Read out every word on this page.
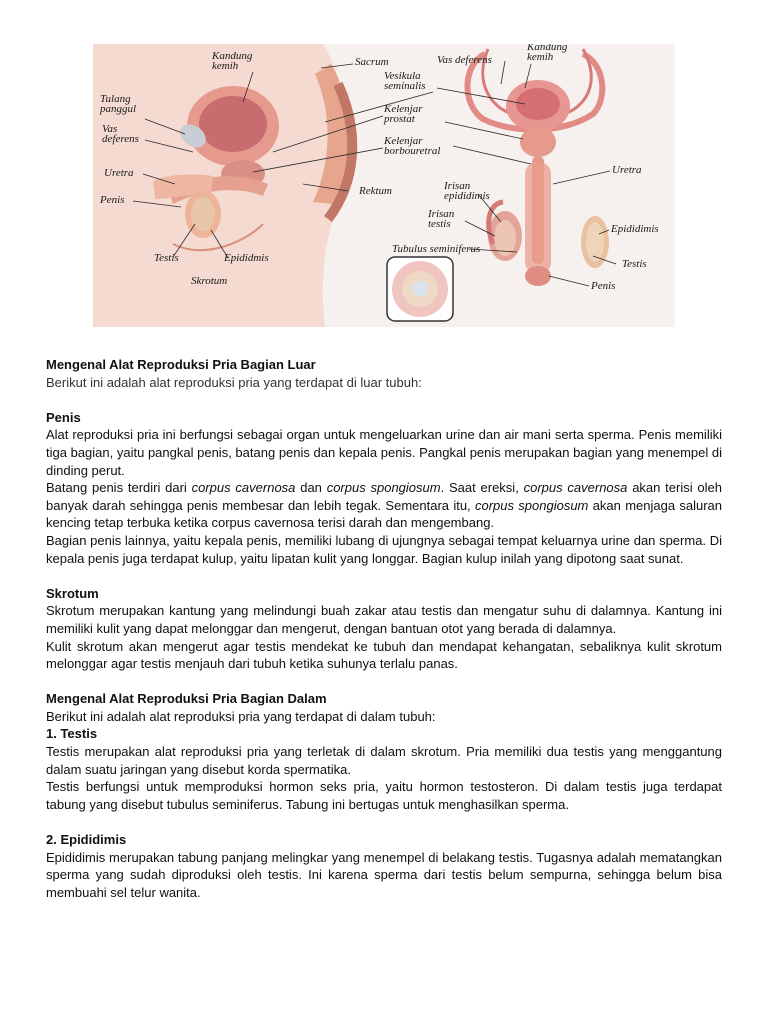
Kandung
kemih	Sacrum	Vas deferens
Kandung
kemih
Vesikula
seminalis
Tulang
panggul	Kelenjar
prostat
Vas
deferens	Kelenjar
borbouretral
Uretra	Uretra
Rektum	Irisan
epididimis
Penis
Irisan
testis	Epididimis
Tubulus seminiferus
Testis	Epididmis	Testis
Skrotum	Penis
Mengenal Alat Reproduksi Pria Bagian Luar

Berikut ini adalah alat reproduksi pria yang terdapat di luar tubuh:

Penis

Alat reproduksi pria ini berfungsi sebagai organ untuk mengeluarkan urine dan air mani serta sperma. Penis memiliki tiga bagian, yaitu pangkal penis, batang penis dan kepala penis. Pangkal penis merupakan bagian yang menempel di dinding perut.

Batang penis terdiri dari corpus cavernosa dan corpus spongiosum. Saat ereksi, corpus cavernosa akan terisi oleh banyak darah sehingga penis membesar dan lebih tegak. Sementara itu, corpus spongiosum akan menjaga saluran kencing tetap terbuka ketika corpus cavernosa terisi darah dan mengembang.

Bagian penis lainnya, yaitu kepala penis, memiliki lubang di ujungnya sebagai tempat keluarnya urine dan sperma. Di kepala penis juga terdapat kulup, yaitu lipatan kulit yang longgar. Bagian kulup inilah yang dipotong saat sunat.

Skrotum

Skrotum merupakan kantung yang melindungi buah zakar atau testis dan mengatur suhu di dalamnya. Kantung ini memiliki kulit yang dapat melonggar dan mengerut, dengan bantuan otot yang berada di dalamnya.

Kulit skrotum akan mengerut agar testis mendekat ke tubuh dan mendapat kehangatan, sebaliknya kulit skrotum melonggar agar testis menjauh dari tubuh ketika suhunya terlalu panas.

Mengenal Alat Reproduksi Pria Bagian Dalam

Berikut ini adalah alat reproduksi pria yang terdapat di dalam tubuh:

1. Testis

Testis merupakan alat reproduksi pria yang terletak di dalam skrotum. Pria memiliki dua testis yang menggantung dalam suatu jaringan yang disebut korda spermatika.

Testis berfungsi untuk memproduksi hormon seks pria, yaitu hormon testosteron. Di dalam testis juga terdapat tabung yang disebut tubulus seminiferus. Tabung ini bertugas untuk menghasilkan sperma.

2. Epididimis

Epididimis merupakan tabung panjang melingkar yang menempel di belakang testis. Tugasnya adalah mematangkan sperma yang sudah diproduksi oleh testis. Ini karena sperma dari testis belum sempurna, sehingga belum bisa membuahi sel telur wanita.
